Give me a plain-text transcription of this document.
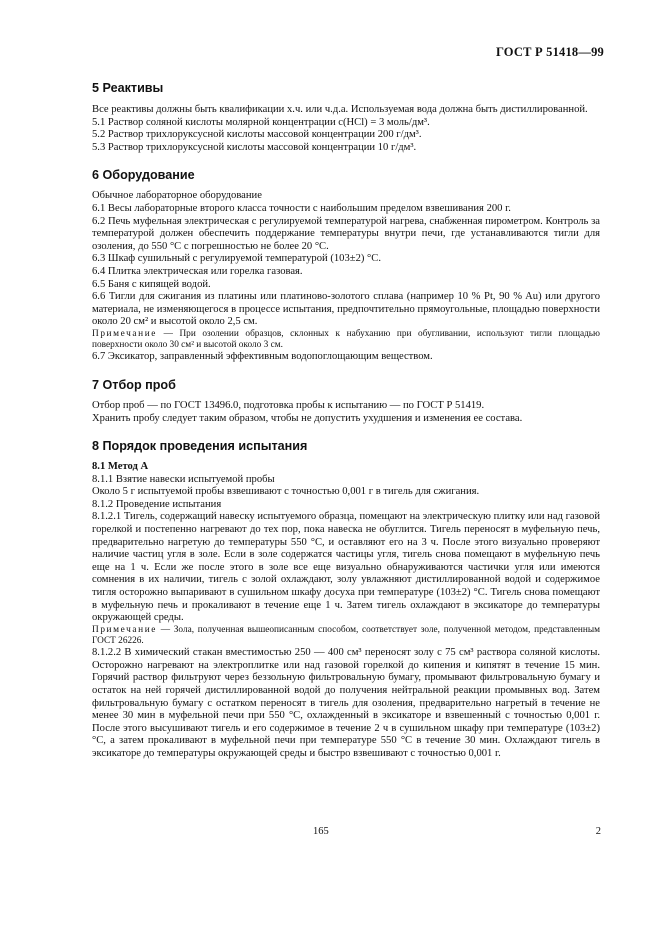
ГОСТ Р 51418—99
5 Реактивы

Все реактивы должны быть квалификации х.ч. или ч.д.а. Используемая вода должна быть дистиллированной.

5.1 Раствор соляной кислоты молярной концентрации c(HCl) = 3 моль/дм³.

5.2 Раствор трихлоруксусной кислоты массовой концентрации 200 г/дм³.

5.3 Раствор трихлоруксусной кислоты массовой концентрации 10 г/дм³.

6 Оборудование

Обычное лабораторное оборудование

6.1 Весы лабораторные второго класса точности с наибольшим пределом взвешивания 200 г.

6.2 Печь муфельная электрическая с регулируемой температурой нагрева, снабженная пирометром. Контроль за температурой должен обеспечить поддержание температуры внутри печи, где устанавливаются тигли для озоления, до 550 °C с погрешностью не более 20 °C.

6.3 Шкаф сушильный с регулируемой температурой (103±2) °C.

6.4 Плитка электрическая или горелка газовая.

6.5 Баня с кипящей водой.

6.6 Тигли для сжигания из платины или платиново-золотого сплава (например 10 % Pt, 90 % Au) или другого материала, не изменяющегося в процессе испытания, предпочтительно прямоугольные, площадью поверхности около 20 см² и высотой около 2,5 см.

Примечание — При озолении образцов, склонных к набуханию при обугливании, используют тигли площадью поверхности около 30 см² и высотой около 3 см.

6.7 Эксикатор, заправленный эффективным водопоглощающим веществом.

7 Отбор проб

Отбор проб — по ГОСТ 13496.0, подготовка пробы к испытанию — по ГОСТ Р 51419.

Хранить пробу следует таким образом, чтобы не допустить ухудшения и изменения ее состава.

8 Порядок проведения испытания

8.1 Метод А

8.1.1 Взятие навески испытуемой пробы

Около 5 г испытуемой пробы взвешивают с точностью 0,001 г в тигель для сжигания.

8.1.2 Проведение испытания

8.1.2.1 Тигель, содержащий навеску испытуемого образца, помещают на электрическую плитку или над газовой горелкой и постепенно нагревают до тех пор, пока навеска не обуглится. Тигель переносят в муфельную печь, предварительно нагретую до температуры 550 °C, и оставляют его на 3 ч. После этого визуально проверяют наличие частиц угля в золе. Если в золе содержатся частицы угля, тигель снова помещают в муфельную печь еще на 1 ч. Если же после этого в золе все еще визуально обнаруживаются частички угля или имеются сомнения в их наличии, тигель с золой охлаждают, золу увлажняют дистиллированной водой и содержимое тигля осторожно выпаривают в сушильном шкафу досуха при температуре (103±2) °C. Тигель снова помещают в муфельную печь и прокаливают в течение еще 1 ч. Затем тигель охлаждают в эксикаторе до температуры окружающей среды.

Примечание — Зола, полученная вышеописанным способом, соответствует золе, полученной методом, представленным ГОСТ 26226.

8.1.2.2 В химический стакан вместимостью 250 — 400 см³ переносят золу с 75 см³ раствора соляной кислоты. Осторожно нагревают на электроплитке или над газовой горелкой до кипения и кипятят в течение 15 мин. Горячий раствор фильтруют через беззольную фильтровальную бумагу, промывают фильтровальную бумагу и остаток на ней горячей дистиллированной водой до получения нейтральной реакции промывных вод. Затем фильтровальную бумагу с остатком переносят в тигель для озоления, предварительно нагретый в течение не менее 30 мин в муфельной печи при 550 °C, охлажденный в эксикаторе и взвешенный с точностью 0,001 г. После этого высушивают тигель и его содержимое в течение 2 ч в сушильном шкафу при температуре (103±2) °C, а затем прокаливают в муфельной печи при температуре 550 °C в течение 30 мин. Охлаждают тигель в эксикаторе до температуры окружающей среды и быстро взвешивают с точностью 0,001 г.

165	2
